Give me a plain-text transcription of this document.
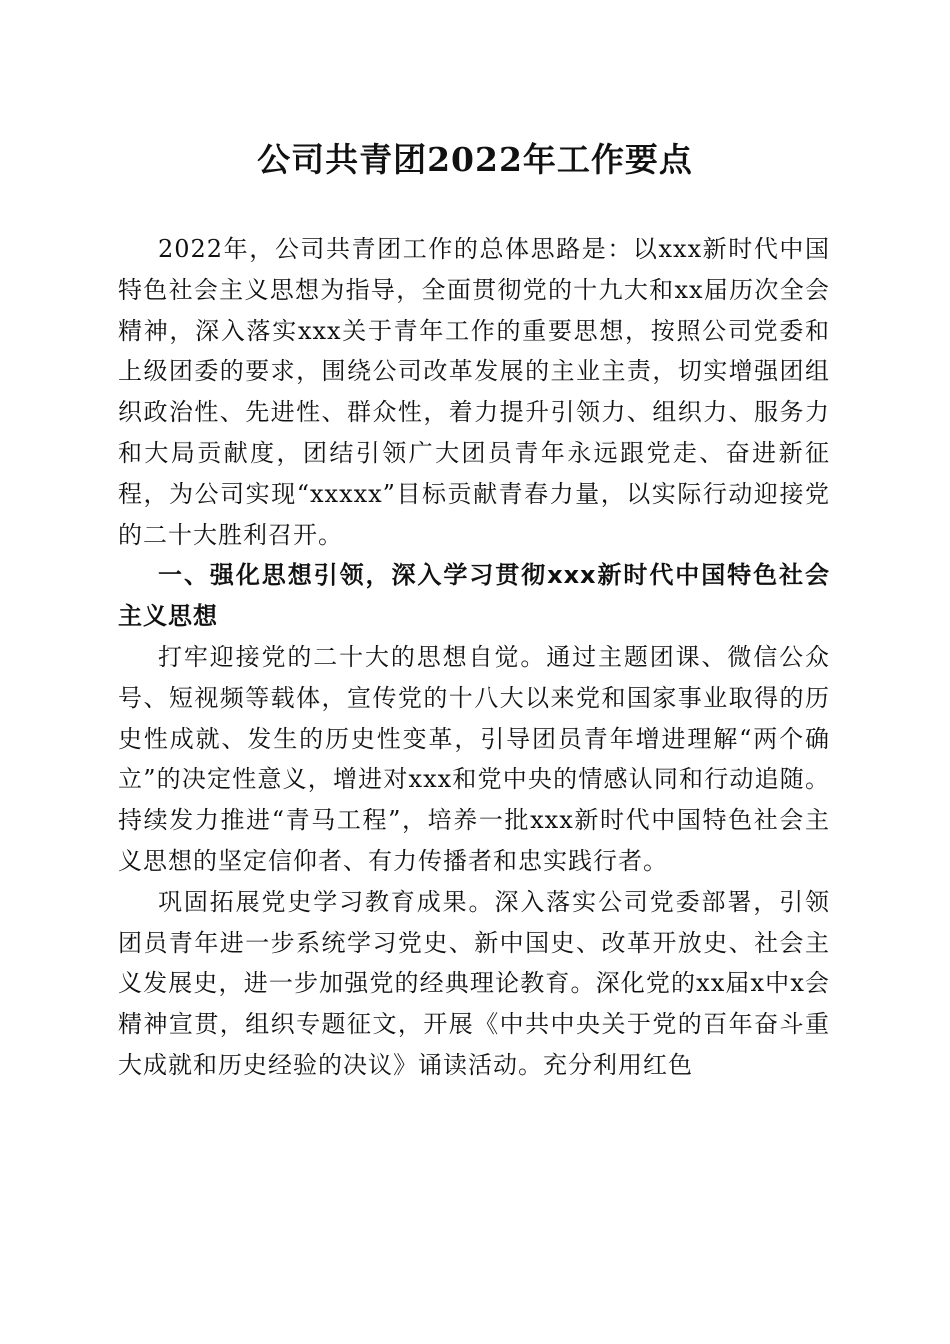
公司共青团2022年工作要点

2022年，公司共青团工作的总体思路是：以xxx新时代中国特色社会主义思想为指导，全面贯彻党的十九大和xx届历次全会精神，深入落实xxx关于青年工作的重要思想，按照公司党委和上级团委的要求，围绕公司改革发展的主业主责，切实增强团组织政治性、先进性、群众性，着力提升引领力、组织力、服务力和大局贡献度，团结引领广大团员青年永远跟党走、奋进新征程，为公司实现“xxxxx”目标贡献青春力量，以实际行动迎接党的二十大胜利召开。

一、强化思想引领，深入学习贯彻xxx新时代中国特色社会主义思想

打牢迎接党的二十大的思想自觉。通过主题团课、微信公众号、短视频等载体，宣传党的十八大以来党和国家事业取得的历史性成就、发生的历史性变革，引导团员青年增进理解“两个确立”的决定性意义，增进对xxx和党中央的情感认同和行动追随。持续发力推进“青马工程”，培养一批xxx新时代中国特色社会主义思想的坚定信仰者、有力传播者和忠实践行者。

巩固拓展党史学习教育成果。深入落实公司党委部署，引领团员青年进一步系统学习党史、新中国史、改革开放史、社会主义发展史，进一步加强党的经典理论教育。深化党的xx届x中x会精神宣贯，组织专题征文，开展《中共中央关于党的百年奋斗重大成就和历史经验的决议》诵读活动。充分利用红色
